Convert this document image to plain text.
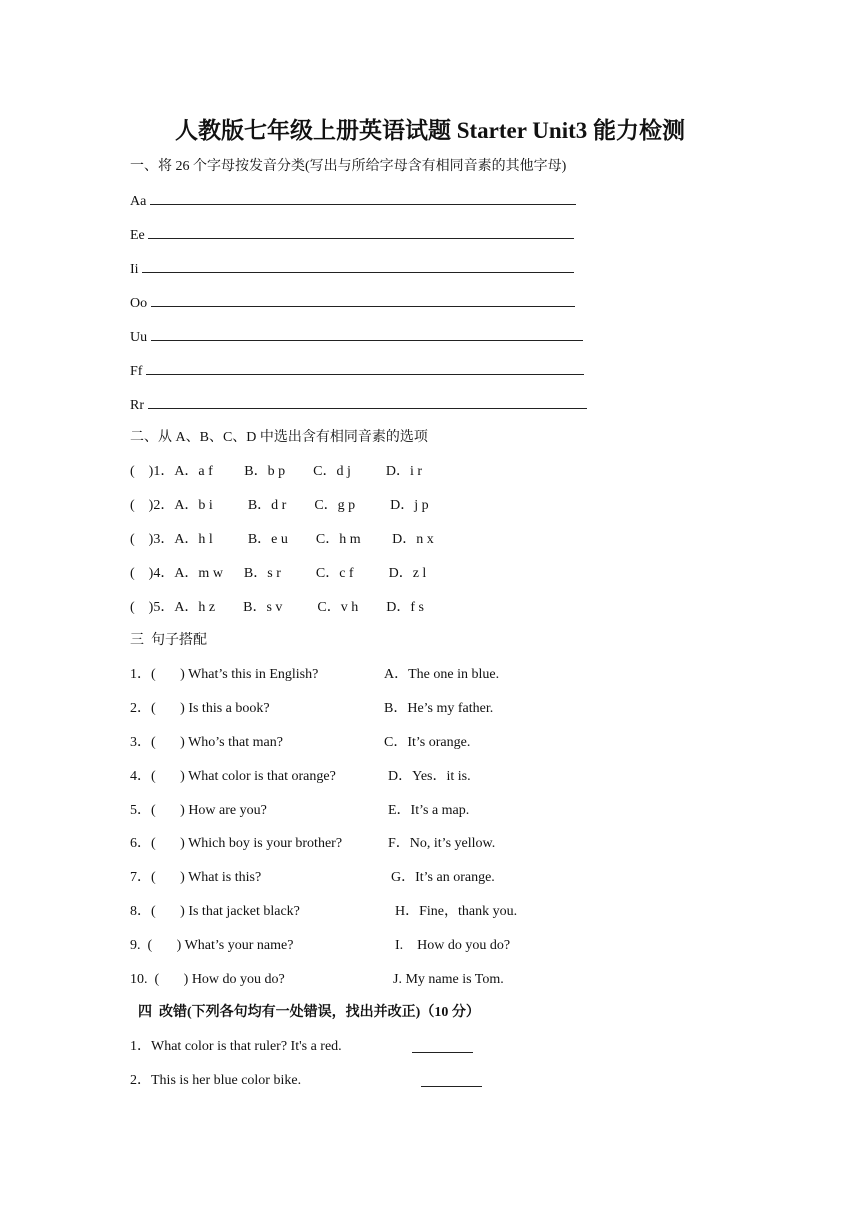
人教版七年级上册英语试题 Starter Unit3 能力检测
一、将 26 个字母按发音分类(写出与所给字母含有相同音素的其他字母)
Aa
Ee
Ii
Oo
Uu
Ff
Rr
二、从 A、B、C、D 中选出含有相同音素的选项
(    )1．A．a f         B．b p        C．d j          D．i r
(    )2．A．b i          B．d r        C．g p          D．j p
(    )3．A．h l          B．e u        C．h m         D．n x
(    )4．A．m w      B．s r          C．c f          D．z l
(    )5．A．h z        B．s v          C．v h        D．f s
三  句子搭配
1．(       ) What’s this in English?	A．The one in blue.
2．(       ) Is this a book?	B．He’s my father.
3．(       ) Who’s that man?	C．It’s orange.
4．(       ) What color is that orange?	D．Yes．it is.
5．(       ) How are you?	E．It’s a map.
6．(       ) Which boy is your brother?	F．No, it’s yellow.
7．(       ) What is this?	G．It’s an orange.
8．(       ) Is that jacket black?	H．Fine，thank you.
9.  (       ) What’s your name?	I.    How do you do?
10.  (       ) How do you do?	J. My name is Tom.
四  改错(下列各句均有一处错误，找出并改正)（10 分）
1．What color is that ruler? It's a red.
2．This is her blue color bike.
